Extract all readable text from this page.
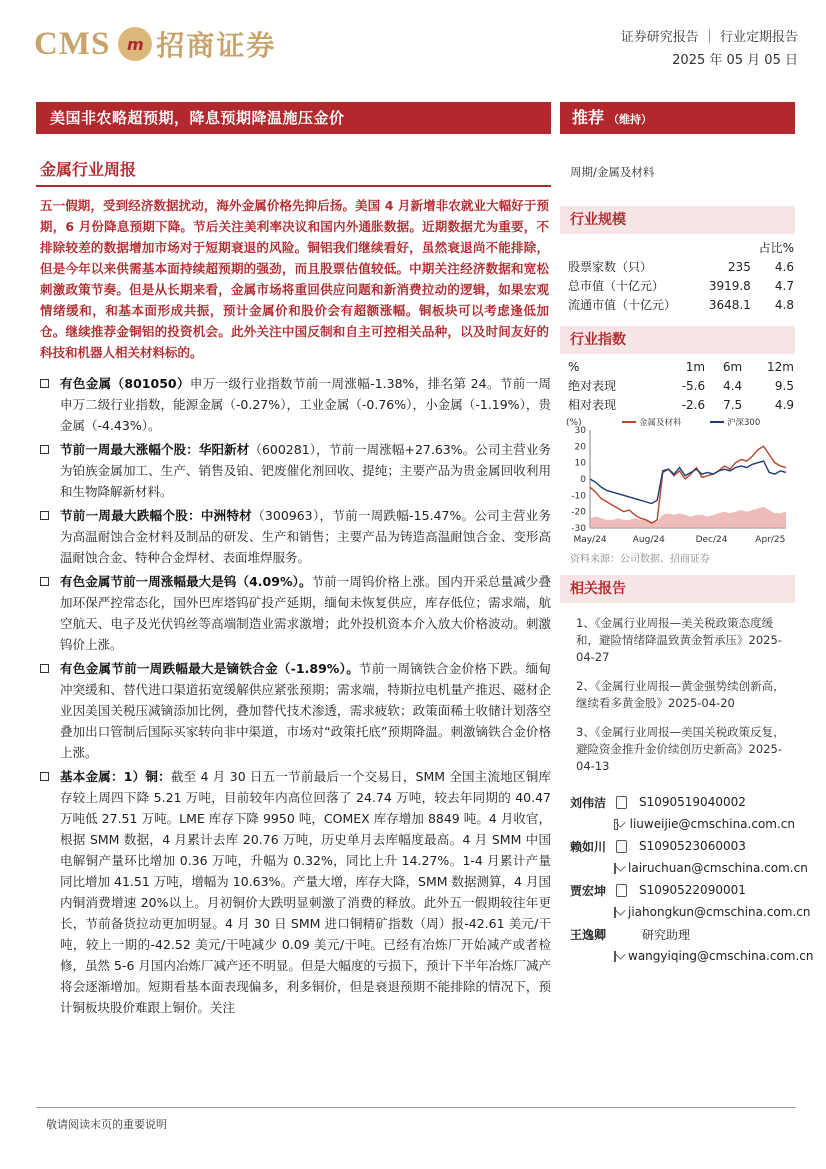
CMS	m 招商证券	证券研究报告 ｜ 行业定期报告
2025 年 05 月 05 日
美国非农略超预期，降息预期降温施压金价
金属行业周报
五一假期，受到经济数据扰动，海外金属价格先抑后扬。美国 4 月新增非农就业大幅好于预期，6 月份降息预期下降。节后关注美利率决议和国内外通胀数据。近期数据尤为重要，不排除较差的数据增加市场对于短期衰退的风险。铜铝我们继续看好，虽然衰退尚不能排除，但是今年以来供需基本面持续超预期的强劲，而且股票估值较低。中期关注经济数据和宽松刺激政策节奏。但是从长期来看，金属市场将重回供应问题和新消费拉动的逻辑，如果宏观情绪缓和，和基本面形成共振，预计金属价和股价会有超额涨幅。铜板块可以考虑逢低加仓。继续推荐金铜铝的投资机会。此外关注中国反制和自主可控相关品种，以及时间友好的科技和机器人相关材料标的。
有色金属（801050）申万一级行业指数节前一周涨幅-1.38%，排名第 24。节前一周申万二级行业指数，能源金属（-0.27%），工业金属（-0.76%），小金属（-1.19%），贵金属（-4.43%）。
节前一周最大涨幅个股：华阳新材（600281），节前一周涨幅+27.63%。公司主营业务为铂族金属加工、生产、销售及铂、钯废催化剂回收、提纯；主要产品为贵金属回收利用和生物降解新材料。
节前一周最大跌幅个股：中洲特材（300963），节前一周跌幅-15.47%。公司主营业务为高温耐蚀合金材料及制品的研发、生产和销售；主要产品为铸造高温耐蚀合金、变形高温耐蚀合金、特种合金焊材、表面堆焊服务。
有色金属节前一周涨幅最大是钨（4.09%）。节前一周钨价格上涨。国内开采总量减少叠加环保严控常态化，国外巴库塔钨矿投产延期，缅甸未恢复供应，库存低位；需求端，航空航天、电子及光伏钨丝等高端制造业需求激增；此外投机资本介入放大价格波动。刺激钨价上涨。
有色金属节前一周跌幅最大是镝铁合金（-1.89%）。节前一周镝铁合金价格下跌。缅甸冲突缓和、替代进口渠道拓宽缓解供应紧张预期；需求端，特斯拉电机量产推迟、磁材企业因美国关税压减镝添加比例，叠加替代技术渗透，需求疲软；政策面稀土收储计划落空叠加出口管制后国际买家转向非中渠道，市场对“政策托底”预期降温。刺激镝铁合金价格上涨。
基本金属：1）铜：截至 4 月 30 日五一节前最后一个交易日，SMM 全国主流地区铜库存较上周四下降 5.21 万吨，目前较年内高位回落了 24.74 万吨，较去年同期的 40.47 万吨低 27.51 万吨。LME 库存下降 9950 吨，COMEX 库存增加 8849 吨。4 月收官，根据 SMM 数据，4 月累计去库 20.76 万吨，历史单月去库幅度最高。4 月 SMM 中国电解铜产量环比增加 0.36 万吨，升幅为 0.32%，同比上升 14.27%。1-4 月累计产量同比增加 41.51 万吨，增幅为 10.63%。产量大增，库存大降，SMM 数据测算，4 月国内铜消费增速 20%以上。月初铜价大跌明显刺激了消费的释放。此外五一假期较往年更长，节前备货拉动更加明显。4 月 30 日 SMM 进口铜精矿指数（周）报-42.61 美元/干吨，较上一期的-42.52 美元/干吨减少 0.09 美元/干吨。已经有冶炼厂开始减产或者检修，虽然 5-6 月国内冶炼厂减产还不明显。但是大幅度的亏损下，预计下半年冶炼厂减产将会逐渐增加。短期看基本面表现偏多，利多铜价，但是衰退预期不能排除的情况下，预计铜板块股价难跟上铜价。关注
推荐 （维持）
周期/金属及材料
行业规模
		占比%
股票家数（只）	235	4.6
总市值（十亿元）	3919.8	4.7
流通市值（十亿元）	3648.1	4.8
行业指数
%	1m	6m	12m
绝对表现	-5.6	4.4	9.5
相对表现	-2.6	7.5	4.9
(%)
30
20
10
0
-10
-20
-30
May/24	Aug/24	Dec/24	Apr/25
金属及材料	沪深300
资料来源：公司数据、招商证券
相关报告
1、《金属行业周报—美关税政策态度缓和，避险情绪降温致黄金暂承压》2025-04-27
2、《金属行业周报—黄金强势续创新高，继续看多黄金股》2025-04-20
3、《金属行业周报—美国关税政策反复，避险资金推升金价续创历史新高》2025-04-13
刘伟洁	S1090519040002
liuweijie@cmschina.com.cn
赖如川	S1090523060003
lairuchuan@cmschina.com.cn
贾宏坤	S1090522090001
jiahongkun@cmschina.com.cn
王逸卿	研究助理
wangyiqing@cmschina.com.cn
敬请阅读末页的重要说明
